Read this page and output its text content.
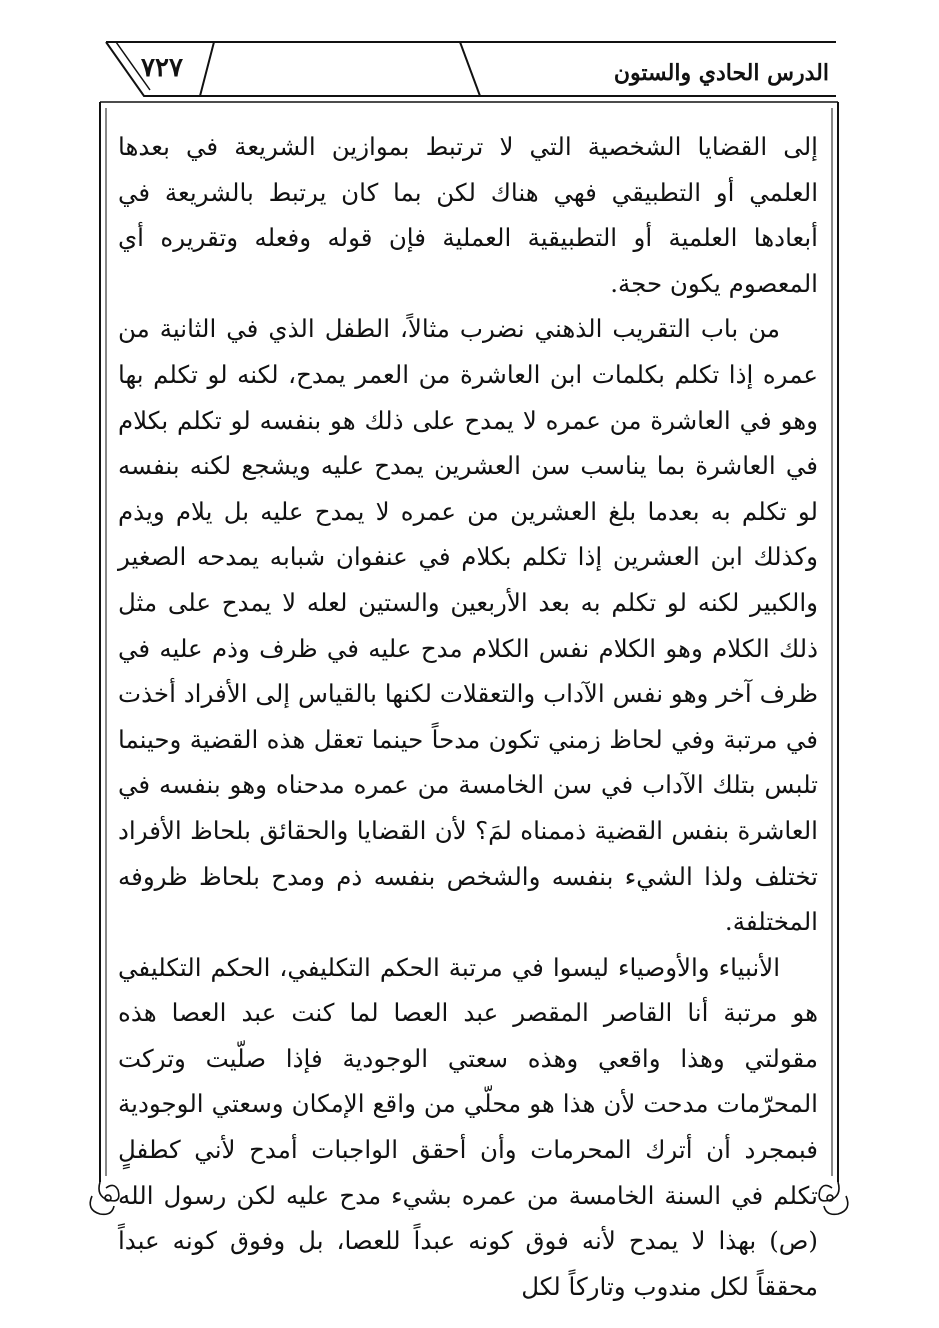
٧٢٧	الدرس الحادي والستون

إلى القضايا الشخصية التي لا ترتبط بموازين الشريعة في بعدها العلمي أو التطبيقي فهي هناك لكن بما كان يرتبط بالشريعة في أبعادها العلمية أو التطبيقية العملية فإن قوله وفعله وتقريره أي المعصوم يكون حجة.

من باب التقريب الذهني نضرب مثالاً، الطفل الذي في الثانية من عمره إذا تكلم بكلمات ابن العاشرة من العمر يمدح، لكنه لو تكلم بها وهو في العاشرة من عمره لا يمدح على ذلك هو بنفسه لو تكلم بكلام في العاشرة بما يناسب سن العشرين يمدح عليه ويشجع لكنه بنفسه لو تكلم به بعدما بلغ العشرين من عمره لا يمدح عليه بل يلام ويذم وكذلك ابن العشرين إذا تكلم بكلام في عنفوان شبابه يمدحه الصغير والكبير لكنه لو تكلم به بعد الأربعين والستين لعله لا يمدح على مثل ذلك الكلام وهو الكلام نفس الكلام مدح عليه في ظرف وذم عليه في ظرف آخر وهو نفس الآداب والتعقلات لكنها بالقياس إلى الأفراد أخذت في مرتبة وفي لحاظ زمني تكون مدحاً حينما تعقل هذه القضية وحينما تلبس بتلك الآداب في سن الخامسة من عمره مدحناه وهو بنفسه في العاشرة بنفس القضية ذممناه لمَ؟ لأن القضايا والحقائق بلحاظ الأفراد تختلف ولذا الشيء بنفسه والشخص بنفسه ذم ومدح بلحاظ ظروفه المختلفة.

الأنبياء والأوصياء ليسوا في مرتبة الحكم التكليفي، الحكم التكليفي هو مرتبة أنا القاصر المقصر عبد العصا لما كنت عبد العصا هذه مقولتي وهذا واقعي وهذه سعتي الوجودية فإذا صلّيت وتركت المحرّمات مدحت لأن هذا هو محلّي من واقع الإمكان وسعتي الوجودية فبمجرد أن أترك المحرمات وأن أحقق الواجبات أمدح لأني كطفلٍ تكلم في السنة الخامسة من عمره بشيء مدح عليه لكن رسول الله (ص) بهذا لا يمدح لأنه فوق كونه عبداً للعصا، بل وفوق كونه عبداً محققاً لكل مندوب وتاركاً لكل
